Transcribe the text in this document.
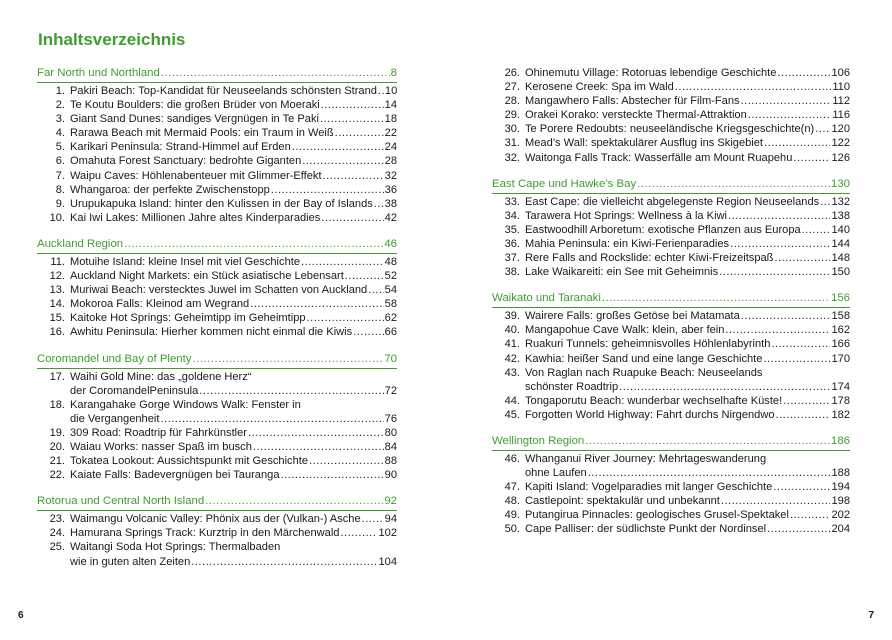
Inhaltsverzeichnis
Far North und Northland .....	8
1. Pakiri Beach: Top-Kandidat für Neuseelands schönsten Strand ..... 10
2. Te Koutu Boulders: die großen Brüder von Moeraki .....	14
3. Giant Sand Dunes: sandiges Vergnügen in Te Paki .....	18
4. Rarawa Beach mit Mermaid Pools: ein Traum in Weiß .....	22
5. Karikari Peninsula: Strand-Himmel auf Erden .....	24
6. Omahuta Forest Sanctuary: bedrohte Giganten .....	28
7. Waipu Caves: Höhlenabenteuer mit Glimmer-Effekt .....	32
8. Whangaroa: der perfekte Zwischenstopp .....	36
9. Urupukapuka Island: hinter den Kulissen in der Bay of Islands ..... 38
10. Kai Iwi Lakes: Millionen Jahre altes Kinderparadies .....	42
Auckland Region .....	46
11. Motuihe Island: kleine Insel mit viel Geschichte .....	48
12. Auckland Night Markets: ein Stück asiatische Lebensart .....	52
13. Muriwai Beach: verstecktes Juwel im Schatten von Auckland ..... 54
14. Mokoroa Falls: Kleinod am Wegrand .....	58
15. Kaitoke Hot Springs: Geheimtipp im Geheimtipp .....	62
16. Awhitu Peninsula: Hierher kommen nicht einmal die Kiwis .....	66
Coromandel und Bay of Plenty .....	70
17. Waihi Gold Mine: das „goldene Herz“
der CoromandelPeninsula .....	72
18. Karangahake Gorge Windows Walk: Fenster in
die Vergangenheit .....	76
19. 309 Road: Roadtrip für Fahrkünstler .....	80
20. Waiau Works: nasser Spaß im busch .....	84
21. Tokatea Lookout: Aussichtspunkt mit Geschichte .....	88
22. Kaiate Falls: Badevergnügen bei Tauranga .....	90
Rotorua und Central North Island .....	92
23. Waimangu Volcanic Valley: Phönix aus der (Vulkan-) Asche ..... 94
24. Hamurana Springs Track: Kurztrip in den Märchenwald .....	102
25. Waitangi Soda Hot Springs: Thermalbaden
wie in guten alten Zeiten .....	104
26. Ohinemutu Village: Rotoruas lebendige Geschichte .....	106
27. Kerosene Creek: Spa im Wald .....	110
28. Mangawhero Falls: Abstecher für Film-Fans .....	112
29. Orakei Korako: versteckte Thermal-Attraktion .....	116
30. Te Porere Redoubts: neuseeländische Kriegsgeschichte(n) ..... 120
31. Mead’s Wall: spektakulärer Ausflug ins Skigebiet .....	122
32. Waitonga Falls Track: Wasserfälle am Mount Ruapehu .....	126
East Cape und Hawke’s Bay .....	130
33. East Cape: die vielleicht abgelegenste Region Neuseelands ..... 132
34. Tarawera Hot Springs: Wellness à la Kiwi .....	138
35. Eastwoodhill Arboretum: exotische Pflanzen aus Europa .....	140
36. Mahia Peninsula: ein Kiwi-Ferienparadies .....	144
37. Rere Falls and Rockslide: echter Kiwi-Freizeitspaß .....	148
38. Lake Waikareiti: ein See mit Geheimnis .....	150
Waikato und Taranaki .....	156
39. Wairere Falls: großes Getöse bei Matamata .....	158
40. Mangapohue Cave Walk: klein, aber fein .....	162
41. Ruakuri Tunnels: geheimnisvolles Höhlenlabyrinth .....	166
42. Kawhia: heißer Sand und eine lange Geschichte .....	170
43. Von Raglan nach Ruapuke Beach: Neuseelands
schönster Roadtrip .....	174
44. Tongaporutu Beach: wunderbar wechselhafte Küste! .....	178
45. Forgotten World Highway: Fahrt durchs Nirgendwo .....	182
Wellington Region .....	186
46. Whanganui River Journey: Mehrtageswanderung
ohne Laufen .....	188
47. Kapiti Island: Vogelparadies mit langer Geschichte .....	194
48. Castlepoint: spektakulär und unbekannt .....	198
49. Putangirua Pinnacles: geologisches Grusel-Spektakel .....	202
50. Cape Palliser: der südlichste Punkt der Nordinsel .....	204
6	7
